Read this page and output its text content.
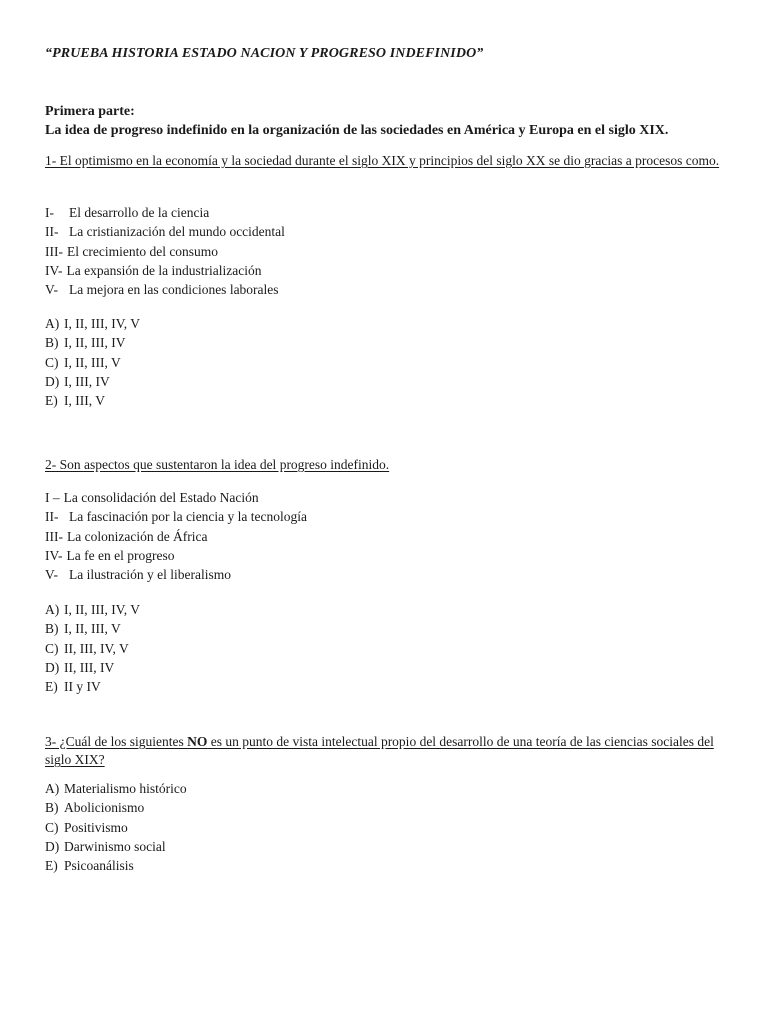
“PRUEBA HISTORIA ESTADO NACION Y PROGRESO INDEFINIDO”
Primera parte:
La idea de progreso indefinido en la organización de las sociedades en América y Europa en el siglo XIX.
1- El optimismo en la economía y la sociedad durante el siglo XIX y principios del siglo XX se dio gracias a procesos como.
I- El desarrollo de la ciencia
II- La cristianización del mundo occidental
III- El crecimiento del consumo
IV- La expansión de la industrialización
V- La mejora en las condiciones laborales
A) I, II, III, IV, V
B) I, II, III, IV
C) I, II, III, V
D) I, III, IV
E) I, III, V
2- Son aspectos que sustentaron la idea del progreso indefinido.
I – La consolidación del Estado Nación
II- La fascinación por la ciencia y la tecnología
III- La colonización de África
IV- La fe en el progreso
V- La ilustración y el liberalismo
A) I, II, III, IV, V
B) I, II, III, V
C) II, III, IV, V
D) II, III, IV
E) II y IV
3- ¿Cuál de los siguientes NO es un punto de vista intelectual propio del desarrollo de una teoría de las ciencias sociales del siglo XIX?
A) Materialismo histórico
B) Abolicionismo
C) Positivismo
D) Darwinismo social
E) Psicoanálisis
